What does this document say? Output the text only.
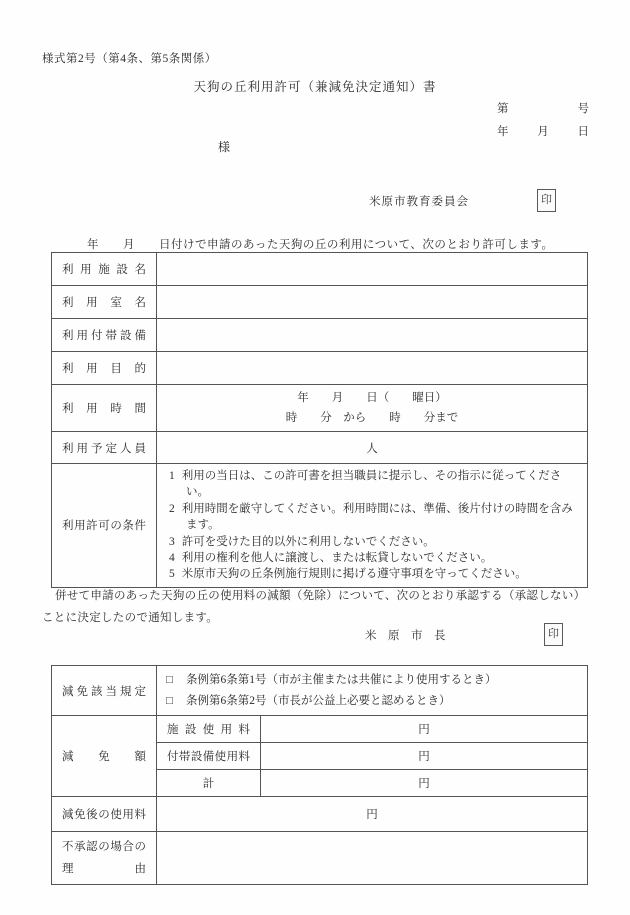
様式第2号（第4条、第5条関係）
天狗の丘利用許可（兼減免決定通知）書
第	号
年	月	日
様
米原市教育委員会	印
年　　月　　日付けで申請のあった天狗の丘の利用について、次のとおり許可します。
利用施設名	
利用室名	
利用付帯設備	
利用目的	
利用時間	年　　月　　日（　　曜日）
時　　分　から　　時　　分まで

利用予定人員	人
利用許可の条件	1 利用の当日は、この許可書を担当職員に提示し、その指示に従ってください。
2 利用時間を厳守してください。利用時間には、準備、後片付けの時間を含みます。
3 許可を受けた目的以外に利用しないでください。
4 利用の権利を他人に譲渡し、または転貸しないでください。
5 米原市天狗の丘条例施行規則に掲げる遵守事項を守ってください。
併せて申請のあった天狗の丘の使用料の減額（免除）について、次のとおり承認する（承認しない）
ことに決定したので通知します。
米　原　市　長	印
減免該当規定	□ 条例第6条第1号（市が主催または共催により使用するとき）
□ 条例第6条第2号（市長が公益上必要と認めるとき）	

減免額	施設使用料	円
	付帯設備使用料	円
	計	円
減免後の使用料	円	

不承認の場合の
理由		
